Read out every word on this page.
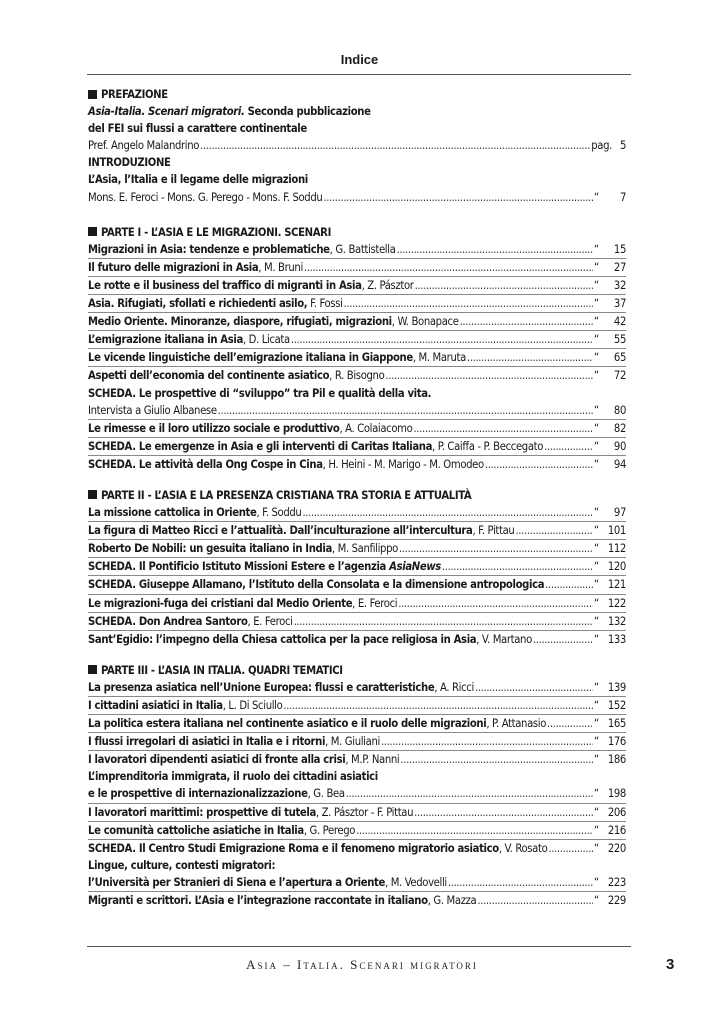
Indice
PREFAZIONE
Asia-Italia. Scenari migratori. Seconda pubblicazione
del FEI sui flussi a carattere continentale
Pref. Angelo Malandrino .....	pag. 5
INTRODUZIONE
L’Asia, l’Italia e il legame delle migrazioni
Mons. E. Feroci - Mons. G. Perego - Mons. F. Soddu .....	“	7
PARTE I - L’ASIA E LE MIGRAZIONI. SCENARI
Migrazioni in Asia: tendenze e problematiche, G. Battistella .....	“	15
Il futuro delle migrazioni in Asia, M. Bruni .....	“	27
Le rotte e il business del traffico di migranti in Asia, Z. Pásztor .....	“	32
Asia. Rifugiati, sfollati e richiedenti asilo, F. Fossi .....	“	37
Medio Oriente. Minoranze, diaspore, rifugiati, migrazioni, W. Bonapace .....	“	42
L’emigrazione italiana in Asia, D. Licata .....	“	55
Le vicende linguistiche dell’emigrazione italiana in Giappone, M. Maruta .....	“	65
Aspetti dell’economia del continente asiatico, R. Bisogno .....	“	72
SCHEDA. Le prospettive di “sviluppo” tra Pil e qualità della vita.
Intervista a Giulio Albanese .....	“	80
Le rimesse e il loro utilizzo sociale e produttivo, A. Colaiacomo .....	“	82
SCHEDA. Le emergenze in Asia e gli interventi di Caritas Italiana, P. Caiffa - P. Beccegato .....	“	90
SCHEDA. Le attività della Ong Cospe in Cina, H. Heini - M. Marigo - M. Omodeo .....	“	94
PARTE II - L’ASIA E LA PRESENZA CRISTIANA TRA STORIA E ATTUALITÀ
La missione cattolica in Oriente, F. Soddu .....	“	97
La figura di Matteo Ricci e l’attualità. Dall’inculturazione all’intercultura, F. Pittau .....	“ 101
Roberto De Nobili: un gesuita italiano in India, M. Sanfilippo .....	“ 112
SCHEDA. Il Pontificio Istituto Missioni Estere e l’agenzia AsiaNews .....	“ 120
SCHEDA. Giuseppe Allamano, l’Istituto della Consolata e la dimensione antropologica .....	“ 121
Le migrazioni-fuga dei cristiani dal Medio Oriente, E. Feroci .....	“ 122
SCHEDA. Don Andrea Santoro, E. Feroci .....	“ 132
Sant’Egidio: l’impegno della Chiesa cattolica per la pace religiosa in Asia, V. Martano .....	“ 133
PARTE III - L’ASIA IN ITALIA. QUADRI TEMATICI
La presenza asiatica nell’Unione Europea: flussi e caratteristiche, A. Ricci .....	“ 139
I cittadini asiatici in Italia, L. Di Sciullo .....	“ 152
La politica estera italiana nel continente asiatico e il ruolo delle migrazioni, P. Attanasio .....	“ 165
I flussi irregolari di asiatici in Italia e i ritorni, M. Giuliani .....	“ 176
I lavoratori dipendenti asiatici di fronte alla crisi, M.P. Nanni .....	“ 186
L’imprenditoria immigrata, il ruolo dei cittadini asiatici
e le prospettive di internazionalizzazione, G. Bea .....	“ 198
I lavoratori marittimi: prospettive di tutela, Z. Pásztor - F. Pittau .....	“ 206
Le comunità cattoliche asiatiche in Italia, G. Perego .....	“ 216
SCHEDA. Il Centro Studi Emigrazione Roma e il fenomeno migratorio asiatico, V. Rosato .....	“ 220
Lingue, culture, contesti migratori:
l’Università per Stranieri di Siena e l’apertura a Oriente, M. Vedovelli .....	“ 223
Migranti e scrittori. L’Asia e l’integrazione raccontate in italiano, G. Mazza .....	“ 229
Asia – Italia. Scenari migratori	3
